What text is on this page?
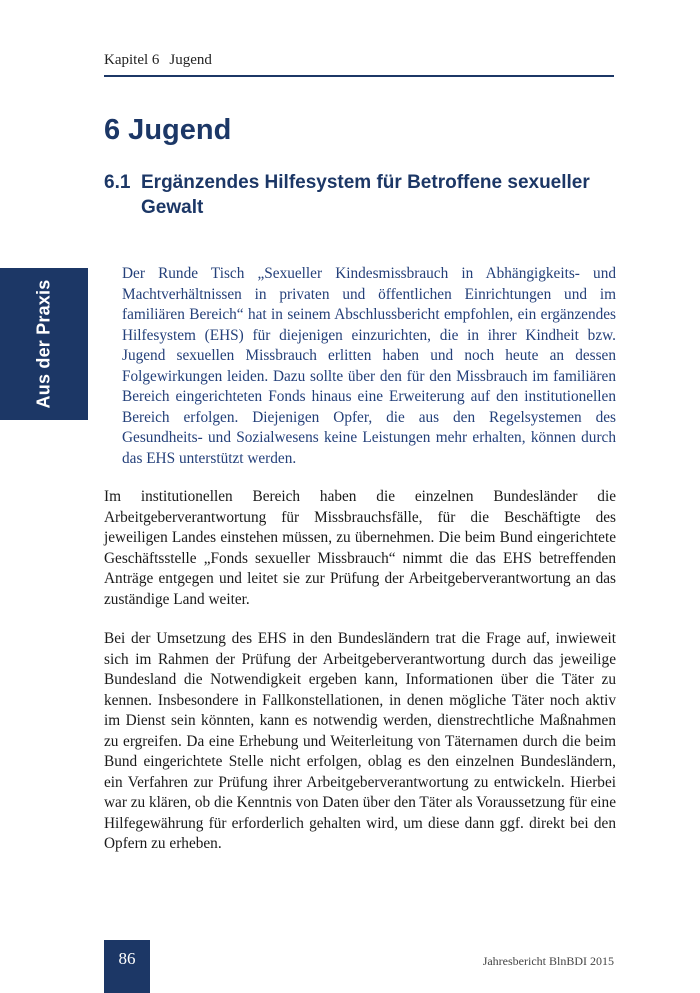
Kapitel 6 Jugend
Aus der Praxis
6 Jugend
6.1 Ergänzendes Hilfesystem für Betroffene sexueller Gewalt

Der Runde Tisch „Sexueller Kindesmissbrauch in Abhängigkeits- und Machtverhältnissen in privaten und öffentlichen Einrichtungen und im familiären Bereich“ hat in seinem Abschlussbericht empfohlen, ein ergänzendes Hilfesystem (EHS) für diejenigen einzurichten, die in ihrer Kindheit bzw. Jugend sexuellen Missbrauch erlitten haben und noch heute an dessen Folgewirkungen leiden. Dazu sollte über den für den Missbrauch im familiären Bereich eingerichteten Fonds hinaus eine Erweiterung auf den institutionellen Bereich erfolgen. Diejenigen Opfer, die aus den Regelsystemen des Gesundheits- und Sozialwesens keine Leistungen mehr erhalten, können durch das EHS unterstützt werden.

Im institutionellen Bereich haben die einzelnen Bundesländer die Arbeitgeberverantwortung für Missbrauchsfälle, für die Beschäftigte des jeweiligen Landes einstehen müssen, zu übernehmen. Die beim Bund eingerichtete Geschäftsstelle „Fonds sexueller Missbrauch“ nimmt die das EHS betreffenden Anträge entgegen und leitet sie zur Prüfung der Arbeitgeberverantwortung an das zuständige Land weiter.

Bei der Umsetzung des EHS in den Bundesländern trat die Frage auf, inwieweit sich im Rahmen der Prüfung der Arbeitgeberverantwortung durch das jeweilige Bundesland die Notwendigkeit ergeben kann, Informationen über die Täter zu kennen. Insbesondere in Fallkonstellationen, in denen mögliche Täter noch aktiv im Dienst sein könnten, kann es notwendig werden, dienstrechtliche Maßnahmen zu ergreifen. Da eine Erhebung und Weiterleitung von Täternamen durch die beim Bund eingerichtete Stelle nicht erfolgen, oblag es den einzelnen Bundesländern, ein Verfahren zur Prüfung ihrer Arbeitgeberverantwortung zu entwickeln. Hierbei war zu klären, ob die Kenntnis von Daten über den Täter als Voraussetzung für eine Hilfegewährung für erforderlich gehalten wird, um diese dann ggf. direkt bei den Opfern zu erheben.

86	Jahresbericht BlnBDI 2015
